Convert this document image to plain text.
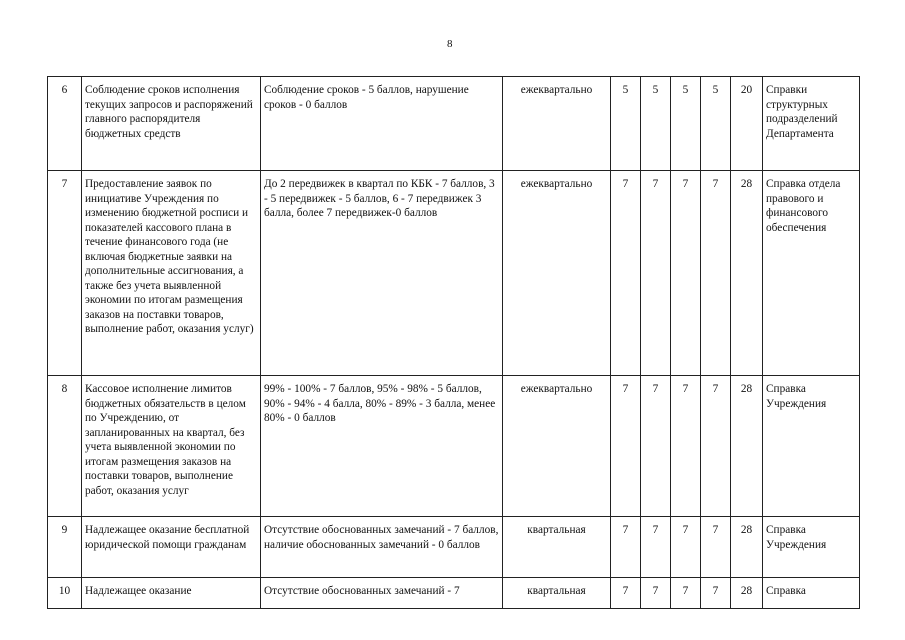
8
6	Соблюдение сроков исполнения текущих запросов и распоряжений главного распорядителя бюджетных средств	Соблюдение сроков - 5 баллов, нарушение сроков - 0 баллов	ежеквартально	5	5	5	5	20	Справки структурных подразделений Департамента
7	Предоставление заявок по инициативе Учреждения по изменению бюджетной росписи и показателей кассового плана в течение финансового года (не включая бюджетные заявки на дополнительные ассигнования, а также без учета выявленной экономии по итогам размещения заказов на поставки товаров, выполнение работ, оказания услуг)	До 2 передвижек в квартал по КБК - 7 баллов, 3 - 5 передвижек - 5 баллов, 6 - 7 передвижек 3 балла, более 7 передвижек-0 баллов	ежеквартально	7	7	7	7	28	Справка отдела правового и финансового обеспечения
8	Кассовое исполнение лимитов бюджетных обязательств в целом по Учреждению, от запланированных на квартал, без учета выявленной экономии по итогам размещения заказов на поставки товаров, выполнение работ, оказания услуг	99% - 100% - 7 баллов, 95% - 98% - 5 баллов, 90% - 94% - 4 балла, 80% - 89% - 3 балла, менее 80% - 0 баллов	ежеквартально	7	7	7	7	28	Справка Учреждения
9	Надлежащее оказание бесплатной юридической помощи гражданам	Отсутствие обоснованных замечаний - 7 баллов, наличие обоснованных замечаний - 0 баллов	квартальная	7	7	7	7	28	Справка Учреждения
10	Надлежащее оказание	Отсутствие обоснованных замечаний - 7	квартальная	7	7	7	7	28	Справка
